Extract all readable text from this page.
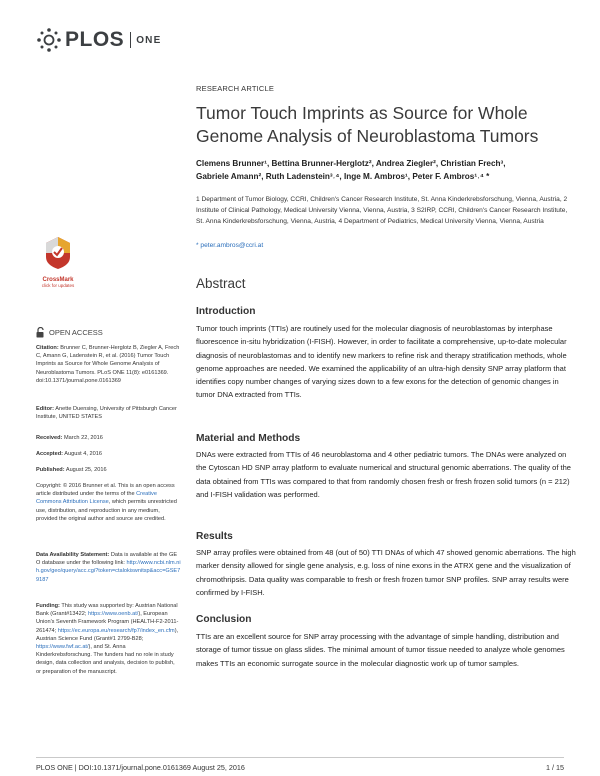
PLOS ONE
RESEARCH ARTICLE
Tumor Touch Imprints as Source for Whole Genome Analysis of Neuroblastoma Tumors
Clemens Brunner¹, Bettina Brunner-Herglotz², Andrea Ziegler², Christian Frech³,
Gabriele Amann², Ruth Ladenstein³˒⁴, Inge M. Ambros¹, Peter F. Ambros¹˒⁴ *
1 Department of Tumor Biology, CCRI, Children's Cancer Research Institute, St. Anna Kinderkrebsforschung, Vienna, Austria, 2 Institute of Clinical Pathology, Medical University Vienna, Vienna, Austria, 3 S2IRP, CCRI, Children's Cancer Research Institute, St. Anna Kinderkrebsforschung, Vienna, Austria, 4 Department of Pediatrics, Medical University Vienna, Vienna, Austria
* peter.ambros@ccri.at
CrossMark
click for updates
OPEN ACCESS
Citation: Brunner C, Brunner-Herglotz B, Ziegler A, Frech C, Amann G, Ladenstein R, et al. (2016) Tumor Touch Imprints as Source for Whole Genome Analysis of Neuroblastoma Tumors. PLoS ONE 11(8): e0161369. doi:10.1371/journal.pone.0161369
Editor: Anette Duensing, University of Pittsburgh Cancer Institute, UNITED STATES
Received: March 22, 2016
Accepted: August 4, 2016
Published: August 25, 2016
Copyright: © 2016 Brunner et al. This is an open access article distributed under the terms of the Creative Commons Attribution License, which permits unrestricted use, distribution, and reproduction in any medium, provided the original author and source are credited.
Data Availability Statement: Data is available at the GEO database under the following link: http://www.ncbi.nlm.nih.gov/geo/query/acc.cgi?token=ctalokiswnitsp&acc=GSE79187
Funding: This study was supported by: Austrian National Bank (Grant#13422; https://www.oenb.at/), European Union's Seventh Framework Program (HEALTH-F2-2011-261474; https://ec.europa.eu/research/fp7/index_en.cfm), Austrian Science Fund (Grant#1 2799-B28; https://www.fwf.ac.at/), and St. Anna Kinderkrebsforschung. The funders had no role in study design, data collection and analysis, decision to publish, or preparation of the manuscript.
Abstract
Introduction
Tumor touch imprints (TTIs) are routinely used for the molecular diagnosis of neuroblastomas by interphase fluorescence in-situ hybridization (I-FISH). However, in order to facilitate a comprehensive, up-to-date molecular diagnosis of neuroblastomas and to identify new markers to refine risk and therapy stratification methods, whole genome approaches are needed. We examined the applicability of an ultra-high density SNP array platform that identifies copy number changes of varying sizes down to a few exons for the detection of genomic changes in tumor DNA extracted from TTIs.
Material and Methods
DNAs were extracted from TTIs of 46 neuroblastoma and 4 other pediatric tumors. The DNAs were analyzed on the Cytoscan HD SNP array platform to evaluate numerical and structural genomic aberrations. The quality of the data obtained from TTIs was compared to that from randomly chosen fresh or fresh frozen solid tumors (n = 212) and I-FISH validation was performed.
Results
SNP array profiles were obtained from 48 (out of 50) TTI DNAs of which 47 showed genomic aberrations. The high marker density allowed for single gene analysis, e.g. loss of nine exons in the ATRX gene and the visualization of chromothripsis. Data quality was comparable to fresh or fresh frozen tumor SNP profiles. SNP array results were confirmed by I-FISH.
Conclusion
TTIs are an excellent source for SNP array processing with the advantage of simple handling, distribution and storage of tumor tissue on glass slides. The minimal amount of tumor tissue needed to analyze whole genomes makes TTIs an economic surrogate source in the molecular diagnostic work up of tumor samples.
PLOS ONE | DOI:10.1371/journal.pone.0161369 August 25, 2016	1 / 15
